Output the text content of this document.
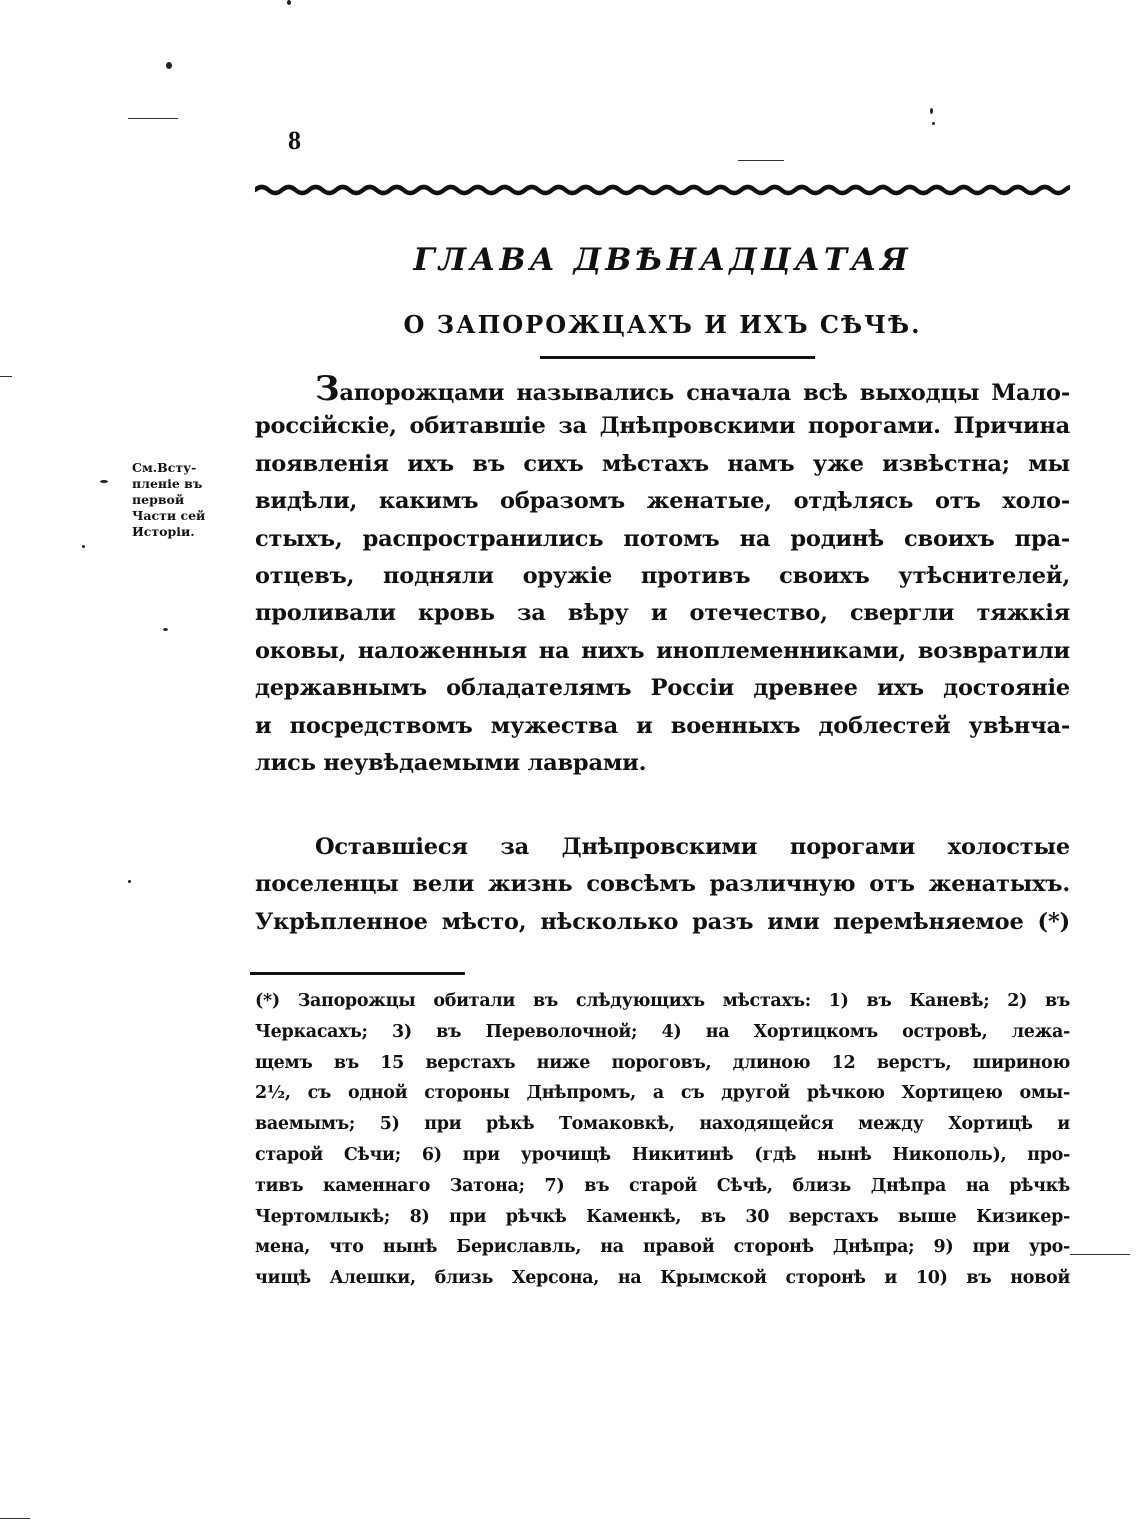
8
ГЛАВА ДВѢНАДЦАТАЯ
О ЗАПОРОЖЦАХЪ И ИХЪ СѢЧѢ.
См.Всту-
пленіе въ
первой
Части сей
Исторіи.
Запорожцами назывались сначала всѣ выходцы Мало-
россійскіе, обитавшіе за Днѣпровскими порогами. Причина
появленія ихъ въ сихъ мѣстахъ намъ уже извѣстна; мы
видѣли, какимъ образомъ женатые, отдѣлясь отъ холо-
стыхъ, распространились потомъ на родинѣ своихъ пра-
отцевъ, подняли оружіе противъ своихъ утѣснителей,
проливали кровь за вѣру и отечество, свергли тяжкія
оковы, наложенныя на нихъ иноплеменниками, возвратили
державнымъ обладателямъ Россіи древнее ихъ достояніе
и посредствомъ мужества и военныхъ доблестей увѣнча-
лись неувѣдаемыми лаврами.
Оставшіеся за Днѣпровскими порогами холостые
поселенцы вели жизнь совсѣмъ различную отъ женатыхъ.
Укрѣпленное мѣсто, нѣсколько разъ ими перемѣняемое (*)
(*) Запорожцы обитали въ слѣдующихъ мѣстахъ: 1) въ Каневѣ; 2) въ
Черкасахъ; 3) въ Переволочной; 4) на Хортицкомъ островѣ, лежа-
щемъ въ 15 верстахъ ниже пороговъ, длиною 12 верстъ, шириною
2½, съ одной стороны Днѣпромъ, а съ другой рѣчкою Хортицею омы-
ваемымъ; 5) при рѣкѣ Томаковкѣ, находящейся между Хортицѣ и
старой Сѣчи; 6) при урочищѣ Никитинѣ (гдѣ нынѣ Никополь), про-
тивъ каменнаго Затона; 7) въ старой Сѣчѣ, близь Днѣпра на рѣчкѣ
Чертомлыкѣ; 8) при рѣчкѣ Каменкѣ, въ 30 верстахъ выше Кизикер-
мена, что нынѣ Бериславль, на правой сторонѣ Днѣпра; 9) при уро-
чищѣ Алешки, близь Херсона, на Крымской сторонѣ и 10) въ новой
